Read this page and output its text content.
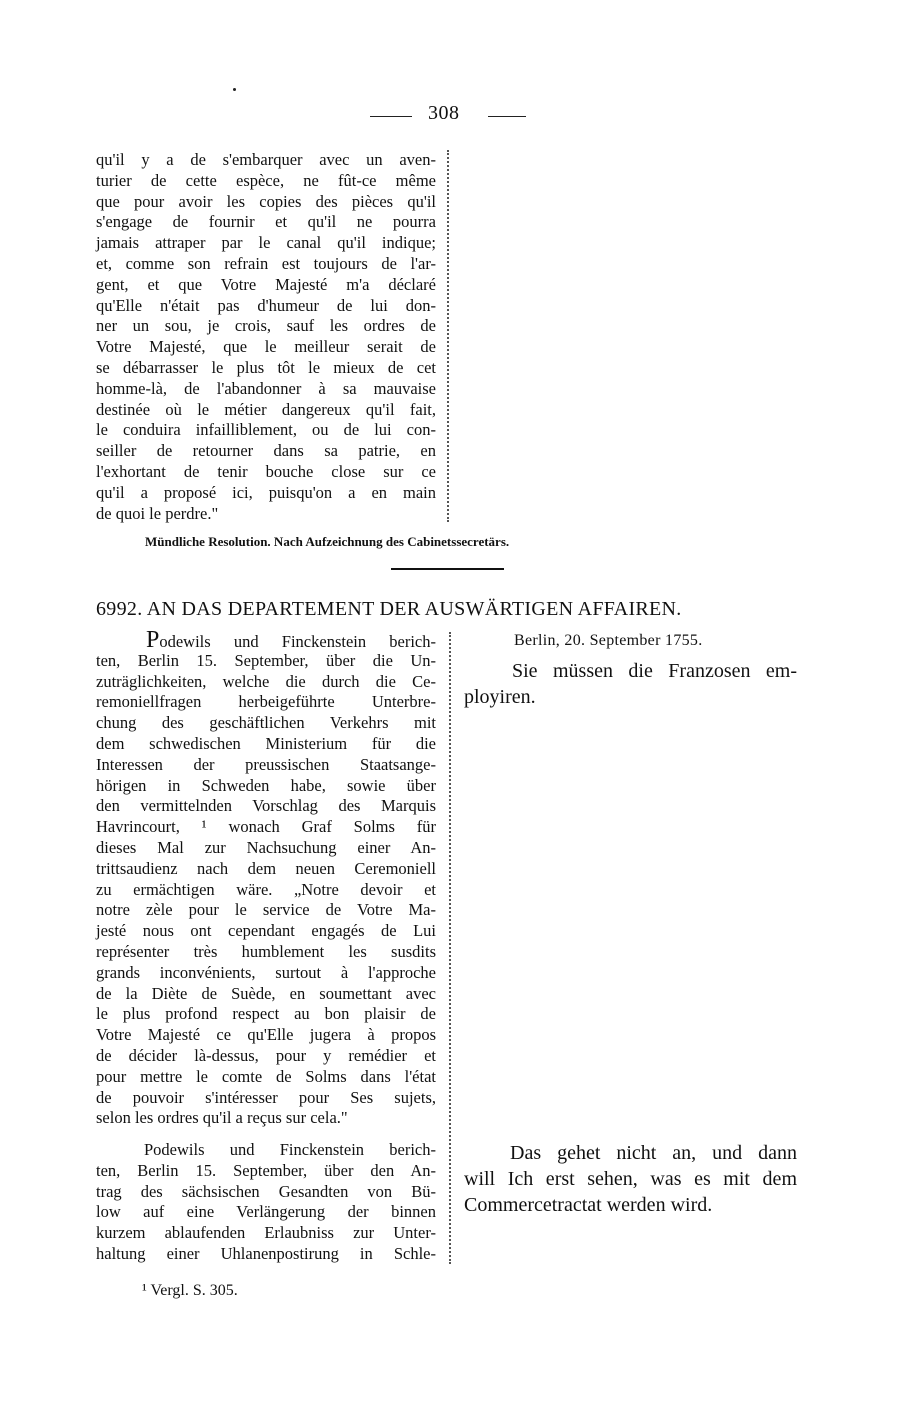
308
qu'il y a de s'embarquer avec un aven-
turier de cette espèce, ne fût-ce même
que pour avoir les copies des pièces qu'il
s'engage de fournir et qu'il ne pourra
jamais attraper par le canal qu'il indique;
et, comme son refrain est toujours de l'ar-
gent, et que Votre Majesté m'a déclaré
qu'Elle n'était pas d'humeur de lui don-
ner un sou, je crois, sauf les ordres de
Votre Majesté, que le meilleur serait de
se débarrasser le plus tôt le mieux de cet
homme-là, de l'abandonner à sa mauvaise
destinée où le métier dangereux qu'il fait,
le conduira infailliblement, ou de lui con-
seiller de retourner dans sa patrie, en
l'exhortant de tenir bouche close sur ce
qu'il a proposé ici, puisqu'on a en main
de quoi le perdre."
Mündliche Resolution. Nach Aufzeichnung des Cabinetssecretärs.
6992. AN DAS DEPARTEMENT DER AUSWÄRTIGEN AFFAIREN.
Podewils und Finckenstein berich-
ten, Berlin 15. September, über die Un-
zuträglichkeiten, welche die durch die Ce-
remoniellfragen herbeigeführte Unterbre-
chung des geschäftlichen Verkehrs mit
dem schwedischen Ministerium für die
Interessen der preussischen Staatsange-
hörigen in Schweden habe, sowie über
den vermittelnden Vorschlag des Marquis
Havrincourt, ¹ wonach Graf Solms für
dieses Mal zur Nachsuchung einer An-
trittsaudienz nach dem neuen Ceremoniell
zu ermächtigen wäre. „Notre devoir et
notre zèle pour le service de Votre Ma-
jesté nous ont cependant engagés de Lui
représenter très humblement les susdits
grands inconvénients, surtout à l'approche
de la Diète de Suède, en soumettant avec
le plus profond respect au bon plaisir de
Votre Majesté ce qu'Elle jugera à propos
de décider là-dessus, pour y remédier et
pour mettre le comte de Solms dans l'état
de pouvoir s'intéresser pour Ses sujets,
selon les ordres qu'il a reçus sur cela."
Podewils und Finckenstein berich-
ten, Berlin 15. September, über den An-
trag des sächsischen Gesandten von Bü-
low auf eine Verlängerung der binnen
kurzem ablaufenden Erlaubniss zur Unter-
haltung einer Uhlanenpostirung in Schle-
Berlin, 20. September 1755.
Sie müssen die Franzosen em-
ployiren.
Das gehet nicht an, und dann
will Ich erst sehen, was es mit dem
Commercetractat werden wird.
¹ Vergl. S. 305.
